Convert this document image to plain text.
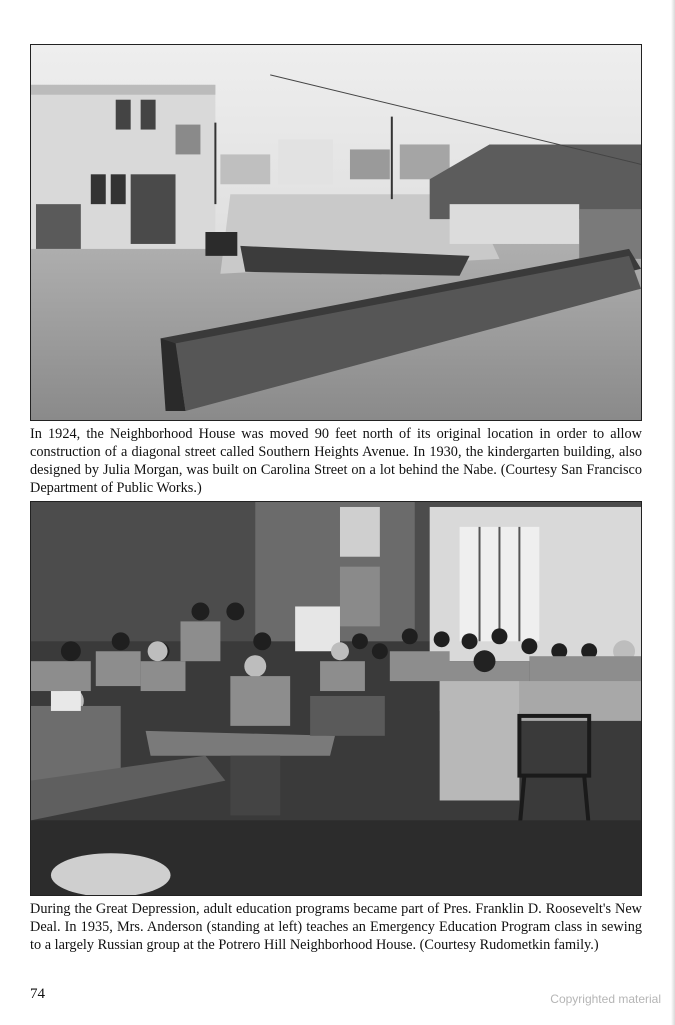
In 1924, the Neighborhood House was moved 90 feet north of its original location in order to allow construction of a diagonal street called Southern Heights Avenue. In 1930, the kindergarten building, also designed by Julia Morgan, was built on Carolina Street on a lot behind the Nabe. (Courtesy San Francisco Department of Public Works.)

During the Great Depression, adult education programs became part of Pres. Franklin D. Roosevelt's New Deal. In 1935, Mrs. Anderson (standing at left) teaches an Emergency Education Program class in sewing to a largely Russian group at the Potrero Hill Neighborhood House. (Courtesy Rudometkin family.)

74	Copyrighted material
